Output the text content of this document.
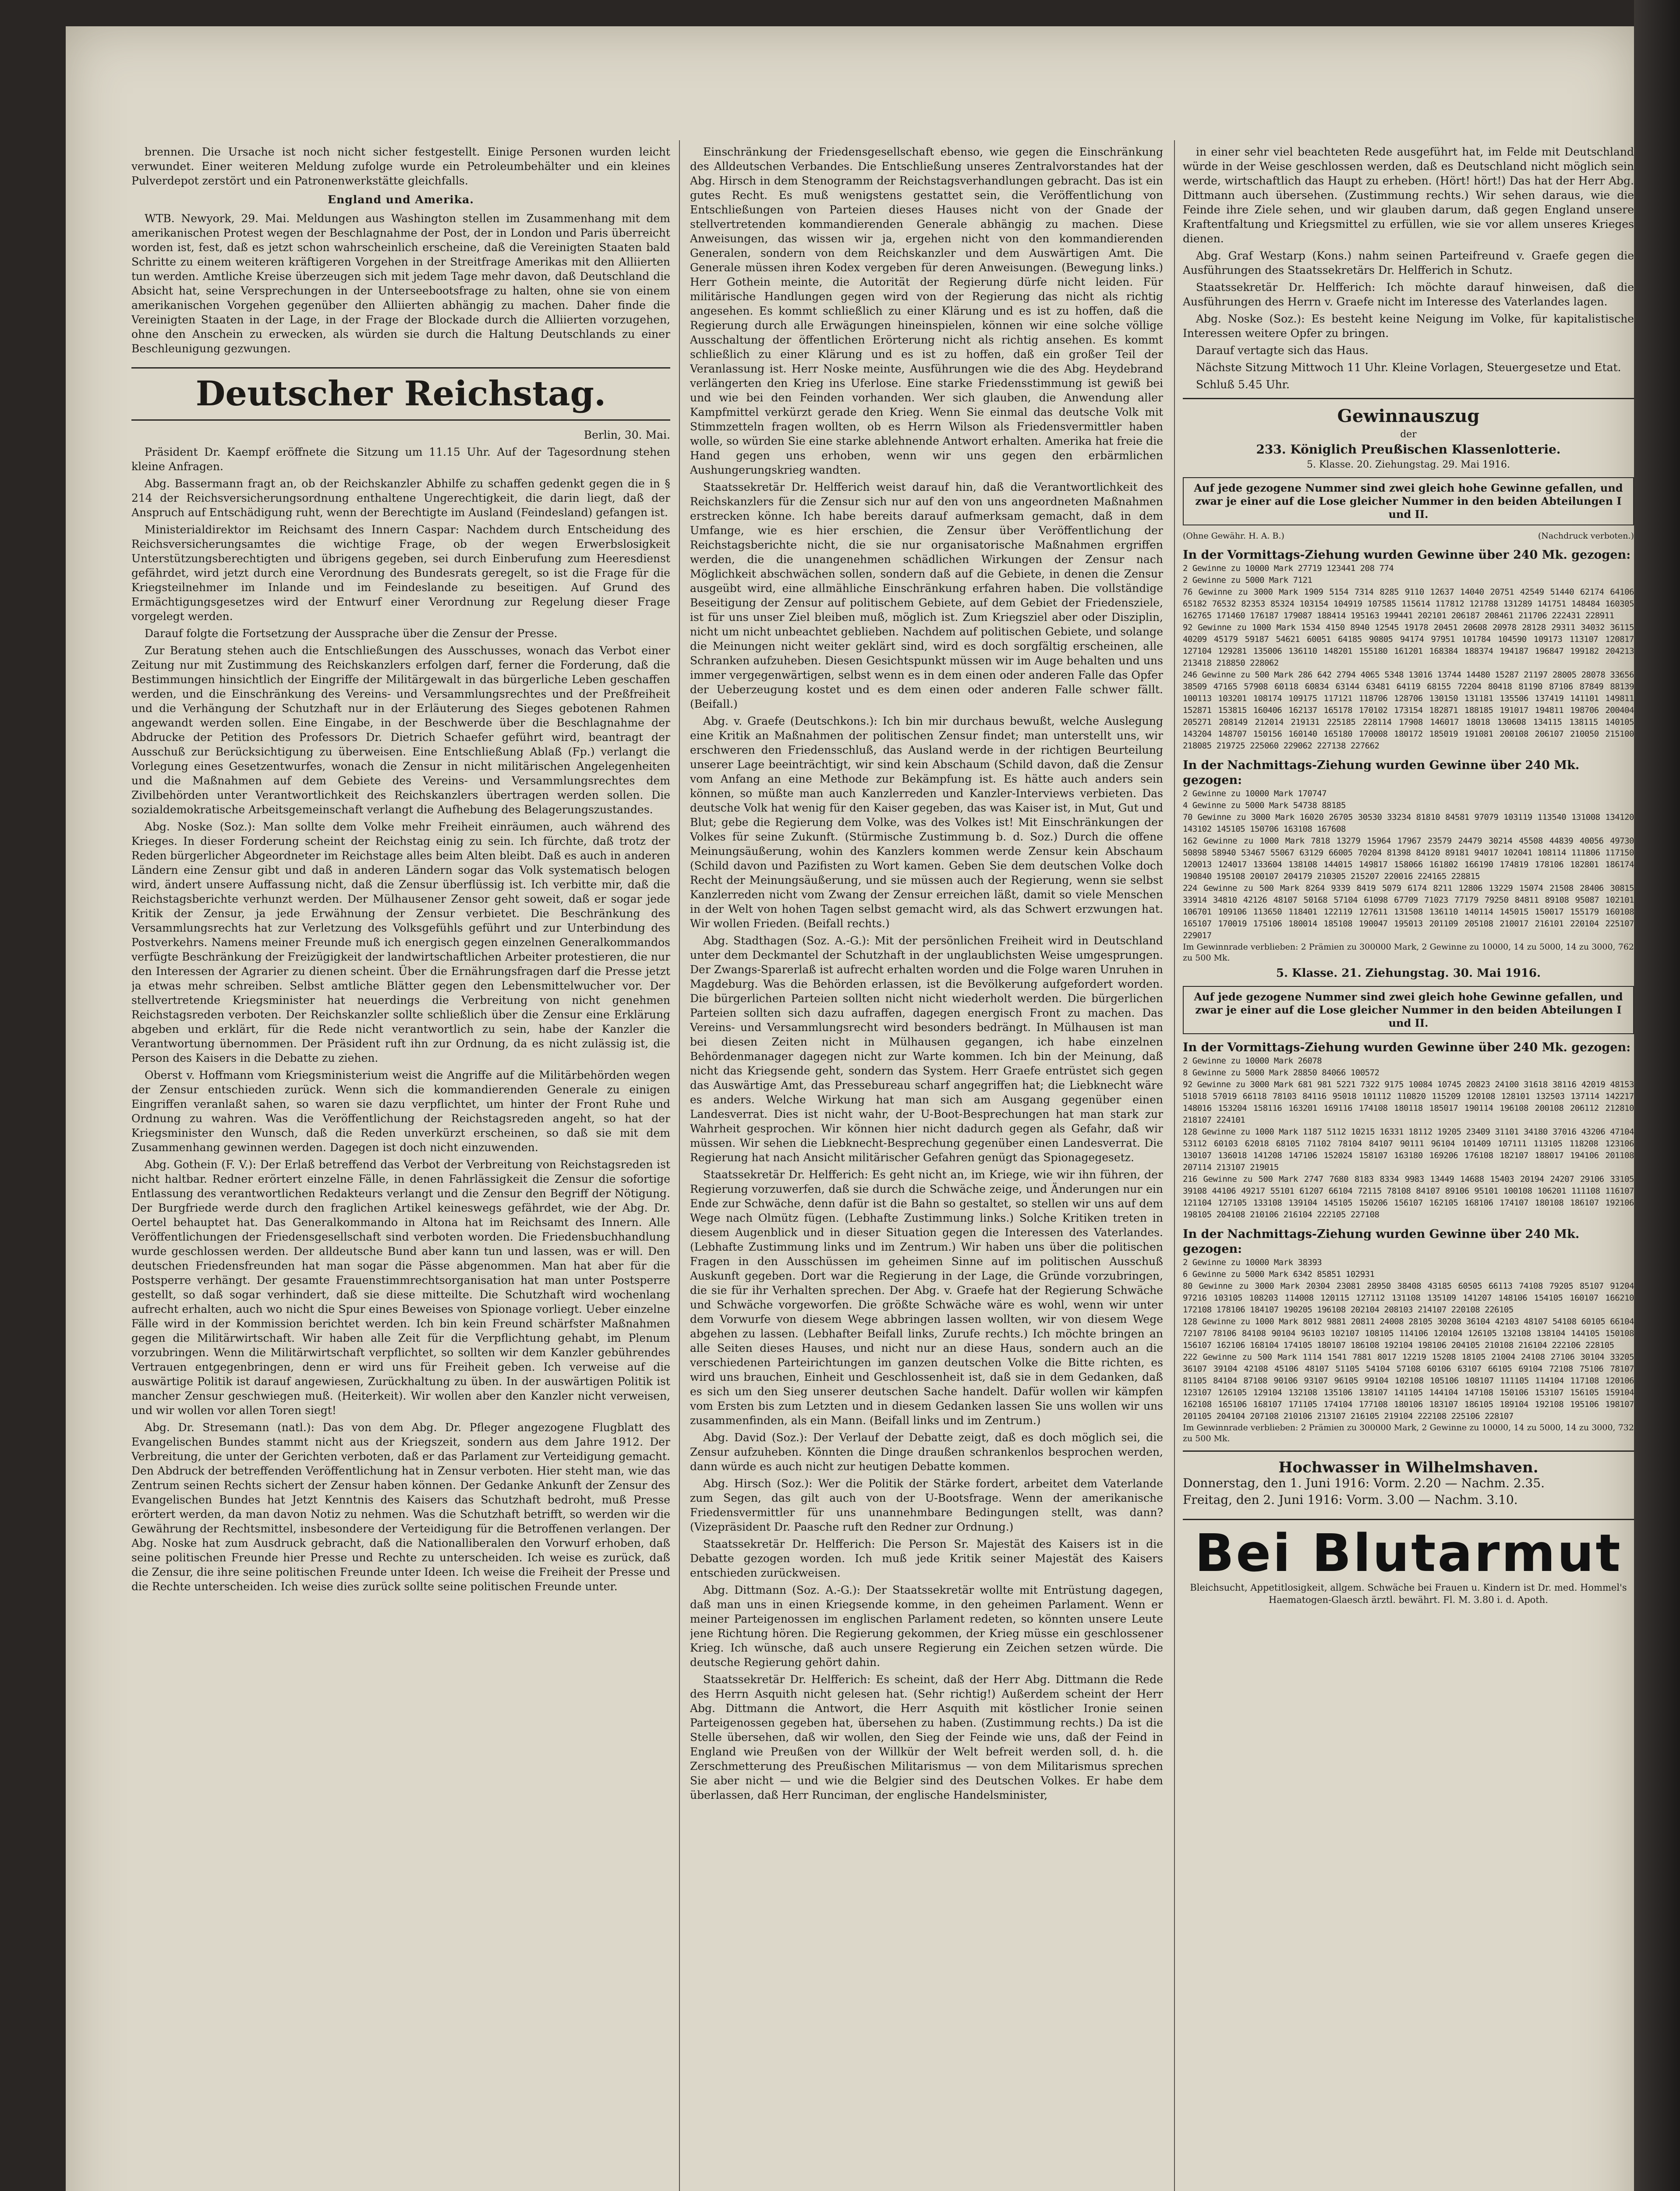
brennen. Die Ursache ist noch nicht sicher festgestellt. Einige Personen wurden leicht verwundet. Einer weiteren Meldung zufolge wurde ein Petroleumbehälter und ein kleines Pulverdepot zerstört und ein Patronenwerkstätte gleichfalls.

England und Amerika.

WTB. Newyork, 29. Mai. Meldungen aus Washington stellen im Zusammenhang mit dem amerikanischen Protest wegen der Beschlagnahme der Post, der in London und Paris überreicht worden ist, fest, daß es jetzt schon wahrscheinlich erscheine, daß die Vereinigten Staaten bald Schritte zu einem weiteren kräftigeren Vorgehen in der Streitfrage Amerikas mit den Alliierten tun werden. Amtliche Kreise überzeugen sich mit jedem Tage mehr davon, daß Deutschland die Absicht hat, seine Versprechungen in der Unterseebootsfrage zu halten, ohne sie von einem amerikanischen Vorgehen gegenüber den Alliierten abhängig zu machen. Daher finde die Vereinigten Staaten in der Lage, in der Frage der Blockade durch die Alliierten vorzugehen, ohne den Anschein zu erwecken, als würden sie durch die Haltung Deutschlands zu einer Beschleunigung gezwungen.

Deutscher Reichstag.

Berlin, 30. Mai.

Präsident Dr. Kaempf eröffnete die Sitzung um 11.15 Uhr. Auf der Tagesordnung stehen kleine Anfragen.

Abg. Bassermann fragt an, ob der Reichskanzler Abhilfe zu schaffen gedenkt gegen die in § 214 der Reichsversicherungsordnung enthaltene Ungerechtigkeit, die darin liegt, daß der Anspruch auf Entschädigung ruht, wenn der Berechtigte im Ausland (Feindesland) gefangen ist.

Ministerialdirektor im Reichsamt des Innern Caspar: Nachdem durch Entscheidung des Reichsversicherungsamtes die wichtige Frage, ob der wegen Erwerbslosigkeit Unterstützungsberechtigten und übrigens gegeben, sei durch Einberufung zum Heeresdienst gefährdet, wird jetzt durch eine Verordnung des Bundesrats geregelt, so ist die Frage für die Kriegsteilnehmer im Inlande und im Feindeslande zu beseitigen. Auf Grund des Ermächtigungsgesetzes wird der Entwurf einer Verordnung zur Regelung dieser Frage vorgelegt werden.

Darauf folgte die Fortsetzung der Aussprache über die Zensur der Presse.

Zur Beratung stehen auch die Entschließungen des Ausschusses, wonach das Verbot einer Zeitung nur mit Zustimmung des Reichskanzlers erfolgen darf, ferner die Forderung, daß die Bestimmungen hinsichtlich der Eingriffe der Militärgewalt in das bürgerliche Leben geschaffen werden, und die Einschränkung des Vereins- und Versammlungsrechtes und der Preßfreiheit und die Verhängung der Schutzhaft nur in der Erläuterung des Sieges gebotenen Rahmen angewandt werden sollen. Eine Eingabe, in der Beschwerde über die Beschlagnahme der Abdrucke der Petition des Professors Dr. Dietrich Schaefer geführt wird, beantragt der Ausschuß zur Berücksichtigung zu überweisen. Eine Entschließung Ablaß (Fp.) verlangt die Vorlegung eines Gesetzentwurfes, wonach die Zensur in nicht militärischen Angelegenheiten und die Maßnahmen auf dem Gebiete des Vereins- und Versammlungsrechtes dem Zivilbehörden unter Verantwortlichkeit des Reichskanzlers übertragen werden sollen. Die sozialdemokratische Arbeitsgemeinschaft verlangt die Aufhebung des Belagerungszustandes.

Abg. Noske (Soz.): Man sollte dem Volke mehr Freiheit einräumen, auch während des Krieges. In dieser Forderung scheint der Reichstag einig zu sein. Ich fürchte, daß trotz der Reden bürgerlicher Abgeordneter im Reichstage alles beim Alten bleibt. Daß es auch in anderen Ländern eine Zensur gibt und daß in anderen Ländern sogar das Volk systematisch belogen wird, ändert unsere Auffassung nicht, daß die Zensur überflüssig ist. Ich verbitte mir, daß die Reichstagsberichte verhunzt werden. Der Mülhausener Zensor geht soweit, daß er sogar jede Kritik der Zensur, ja jede Erwähnung der Zensur verbietet. Die Beschränkung des Versammlungsrechts hat zur Verletzung des Volksgefühls geführt und zur Unterbindung des Postverkehrs. Namens meiner Freunde muß ich energisch gegen einzelnen Generalkommandos verfügte Beschränkung der Freizügigkeit der landwirtschaftlichen Arbeiter protestieren, die nur den Interessen der Agrarier zu dienen scheint. Über die Ernährungsfragen darf die Presse jetzt ja etwas mehr schreiben. Selbst amtliche Blätter gegen den Lebensmittelwucher vor. Der stellvertretende Kriegsminister hat neuerdings die Verbreitung von nicht genehmen Reichstagsreden verboten. Der Reichskanzler sollte schließlich über die Zensur eine Erklärung abgeben und erklärt, für die Rede nicht verantwortlich zu sein, habe der Kanzler die Verantwortung übernommen. Der Präsident ruft ihn zur Ordnung, da es nicht zulässig ist, die Person des Kaisers in die Debatte zu ziehen.

Oberst v. Hoffmann vom Kriegsministerium weist die Angriffe auf die Militärbehörden wegen der Zensur entschieden zurück. Wenn sich die kommandierenden Generale zu einigen Eingriffen veranlaßt sahen, so waren sie dazu verpflichtet, um hinter der Front Ruhe und Ordnung zu wahren. Was die Veröffentlichung der Reichstagsreden angeht, so hat der Kriegsminister den Wunsch, daß die Reden unverkürzt erscheinen, so daß sie mit dem Zusammenhang gewinnen werden. Dagegen ist doch nicht einzuwenden.

Abg. Gothein (F. V.): Der Erlaß betreffend das Verbot der Verbreitung von Reichstagsreden ist nicht haltbar. Redner erörtert einzelne Fälle, in denen Fahrlässigkeit die Zensur die sofortige Entlassung des verantwortlichen Redakteurs verlangt und die Zensur den Begriff der Nötigung. Der Burgfriede werde durch den fraglichen Artikel keineswegs gefährdet, wie der Abg. Dr. Oertel behauptet hat. Das Generalkommando in Altona hat im Reichsamt des Innern. Alle Veröffentlichungen der Friedensgesellschaft sind verboten worden. Die Friedensbuchhandlung wurde geschlossen werden. Der alldeutsche Bund aber kann tun und lassen, was er will. Den deutschen Friedensfreunden hat man sogar die Pässe abgenommen. Man hat aber für die Postsperre verhängt. Der gesamte Frauenstimmrechtsorganisation hat man unter Postsperre gestellt, so daß sogar verhindert, daß sie diese mitteilte. Die Schutzhaft wird wochenlang aufrecht erhalten, auch wo nicht die Spur eines Beweises von Spionage vorliegt. Ueber einzelne Fälle wird in der Kommission berichtet werden. Ich bin kein Freund schärfster Maßnahmen gegen die Militärwirtschaft. Wir haben alle Zeit für die Verpflichtung gehabt, im Plenum vorzubringen. Wenn die Militärwirtschaft verpflichtet, so sollten wir dem Kanzler gebührendes Vertrauen entgegenbringen, denn er wird uns für Freiheit geben. Ich verweise auf die auswärtige Politik ist darauf angewiesen, Zurückhaltung zu üben. In der auswärtigen Politik ist mancher Zensur geschwiegen muß. (Heiterkeit). Wir wollen aber den Kanzler nicht verweisen, und wir wollen vor allen Toren siegt!

Abg. Dr. Stresemann (natl.): Das von dem Abg. Dr. Pfleger angezogene Flugblatt des Evangelischen Bundes stammt nicht aus der Kriegszeit, sondern aus dem Jahre 1912. Der Verbreitung, die unter der Gerichten verboten, daß er das Parlament zur Verteidigung gemacht. Den Abdruck der betreffenden Veröffentlichung hat in Zensur verboten. Hier steht man, wie das Zentrum seinen Rechts sichert der Zensur haben können. Der Gedanke Ankunft der Zensur des Evangelischen Bundes hat Jetzt Kenntnis des Kaisers das Schutzhaft bedroht, muß Presse erörtert werden, da man davon Notiz zu nehmen. Was die Schutzhaft betrifft, so werden wir die Gewährung der Rechtsmittel, insbesondere der Verteidigung für die Betroffenen verlangen. Der Abg. Noske hat zum Ausdruck gebracht, daß die Nationalliberalen den Vorwurf erhoben, daß seine politischen Freunde hier Presse und Rechte zu unterscheiden. Ich weise es zurück, daß die Zensur, die ihre seine politischen Freunde unter Ideen. Ich weise die Freiheit der Presse und die Rechte unterscheiden. Ich weise dies zurück sollte seine politischen Freunde unter.

Einschränkung der Friedensgesellschaft ebenso, wie gegen die Einschränkung des Alldeutschen Verbandes. Die Entschließung unseres Zentralvorstandes hat der Abg. Hirsch in dem Stenogramm der Reichstagsverhandlungen gebracht. Das ist ein gutes Recht. Es muß wenigstens gestattet sein, die Veröffentlichung von Entschließungen von Parteien dieses Hauses nicht von der Gnade der stellvertretenden kommandierenden Generale abhängig zu machen. Diese Anweisungen, das wissen wir ja, ergehen nicht von den kommandierenden Generalen, sondern von dem Reichskanzler und dem Auswärtigen Amt. Die Generale müssen ihren Kodex vergeben für deren Anweisungen. (Bewegung links.) Herr Gothein meinte, die Autorität der Regierung dürfe nicht leiden. Für militärische Handlungen gegen wird von der Regierung das nicht als richtig angesehen. Es kommt schließlich zu einer Klärung und es ist zu hoffen, daß die Regierung durch alle Erwägungen hineinspielen, können wir eine solche völlige Ausschaltung der öffentlichen Erörterung nicht als richtig ansehen. Es kommt schließlich zu einer Klärung und es ist zu hoffen, daß ein großer Teil der Veranlassung ist. Herr Noske meinte, Ausführungen wie die des Abg. Heydebrand verlängerten den Krieg ins Uferlose. Eine starke Friedensstimmung ist gewiß bei und wie bei den Feinden vorhanden. Wer sich glauben, die Anwendung aller Kampfmittel verkürzt gerade den Krieg. Wenn Sie einmal das deutsche Volk mit Stimmzetteln fragen wollten, ob es Herrn Wilson als Friedensvermittler haben wolle, so würden Sie eine starke ablehnende Antwort erhalten. Amerika hat freie die Hand gegen uns erhoben, wenn wir uns gegen den erbärmlichen Aushungerungskrieg wandten.

Staatssekretär Dr. Helfferich weist darauf hin, daß die Verantwortlichkeit des Reichskanzlers für die Zensur sich nur auf den von uns angeordneten Maßnahmen erstrecken könne. Ich habe bereits darauf aufmerksam gemacht, daß in dem Umfange, wie es hier erschien, die Zensur über Veröffentlichung der Reichstagsberichte nicht, die sie nur organisatorische Maßnahmen ergriffen werden, die die unangenehmen schädlichen Wirkungen der Zensur nach Möglichkeit abschwächen sollen, sondern daß auf die Gebiete, in denen die Zensur ausgeübt wird, eine allmähliche Einschränkung erfahren haben. Die vollständige Beseitigung der Zensur auf politischem Gebiete, auf dem Gebiet der Friedensziele, ist für uns unser Ziel bleiben muß, möglich ist. Zum Kriegsziel aber oder Disziplin, nicht um nicht unbeachtet geblieben. Nachdem auf politischen Gebiete, und solange die Meinungen nicht weiter geklärt sind, wird es doch sorgfältig erscheinen, alle Schranken aufzuheben. Diesen Gesichtspunkt müssen wir im Auge behalten und uns immer vergegenwärtigen, selbst wenn es in dem einen oder anderen Falle das Opfer der Ueberzeugung kostet und es dem einen oder anderen Falle schwer fällt. (Beifall.)

Abg. v. Graefe (Deutschkons.): Ich bin mir durchaus bewußt, welche Auslegung eine Kritik an Maßnahmen der politischen Zensur findet; man unterstellt uns, wir erschweren den Friedensschluß, das Ausland werde in der richtigen Beurteilung unserer Lage beeinträchtigt, wir sind kein Abschaum (Schild davon, daß die Zensur vom Anfang an eine Methode zur Bekämpfung ist. Es hätte auch anders sein können, so müßte man auch Kanzlerreden und Kanzler-Interviews verbieten. Das deutsche Volk hat wenig für den Kaiser gegeben, das was Kaiser ist, in Mut, Gut und Blut; gebe die Regierung dem Volke, was des Volkes ist! Mit Einschränkungen der Volkes für seine Zukunft. (Stürmische Zustimmung b. d. Soz.) Durch die offene Meinungsäußerung, wohin des Kanzlers kommen werde Zensur kein Abschaum (Schild davon und Pazifisten zu Wort kamen. Geben Sie dem deutschen Volke doch Recht der Meinungsäußerung, und sie müssen auch der Regierung, wenn sie selbst Kanzlerreden nicht vom Zwang der Zensur erreichen läßt, damit so viele Menschen in der Welt von hohen Tagen selbst gemacht wird, als das Schwert erzwungen hat. Wir wollen Frieden. (Beifall rechts.)

Abg. Stadthagen (Soz. A.-G.): Mit der persönlichen Freiheit wird in Deutschland unter dem Deckmantel der Schutzhaft in der unglaublichsten Weise umgesprungen. Der Zwangs-Sparerlaß ist aufrecht erhalten worden und die Folge waren Unruhen in Magdeburg. Was die Behörden erlassen, ist die Bevölkerung aufgefordert worden. Die bürgerlichen Parteien sollten nicht nicht wiederholt werden. Die bürgerlichen Parteien sollten sich dazu aufraffen, dagegen energisch Front zu machen. Das Vereins- und Versammlungsrecht wird besonders bedrängt. In Mülhausen ist man bei diesen Zeiten nicht in Mülhausen gegangen, ich habe einzelnen Behördenmanager dagegen nicht zur Warte kommen. Ich bin der Meinung, daß nicht das Kriegsende geht, sondern das System. Herr Graefe entrüstet sich gegen das Auswärtige Amt, das Pressebureau scharf angegriffen hat; die Liebknecht wäre es anders. Welche Wirkung hat man sich am Ausgang gegenüber einen Landesverrat. Dies ist nicht wahr, der U-Boot-Besprechungen hat man stark zur Wahrheit gesprochen. Wir können hier nicht dadurch gegen als Gefahr, daß wir müssen. Wir sehen die Liebknecht-Besprechung gegenüber einen Landesverrat. Die Regierung hat nach Ansicht militärischer Gefahren genügt das Spionagegesetz.

Staatssekretär Dr. Helfferich: Es geht nicht an, im Kriege, wie wir ihn führen, der Regierung vorzuwerfen, daß sie durch die Schwäche zeige, und Änderungen nur ein Ende zur Schwäche, denn dafür ist die Bahn so gestaltet, so stellen wir uns auf dem Wege nach Olmütz fügen. (Lebhafte Zustimmung links.) Solche Kritiken treten in diesem Augenblick und in dieser Situation gegen die Interessen des Vaterlandes. (Lebhafte Zustimmung links und im Zentrum.) Wir haben uns über die politischen Fragen in den Ausschüssen im geheimen Sinne auf im politischen Ausschuß Auskunft gegeben. Dort war die Regierung in der Lage, die Gründe vorzubringen, die sie für ihr Verhalten sprechen. Der Abg. v. Graefe hat der Regierung Schwäche und Schwäche vorgeworfen. Die größte Schwäche wäre es wohl, wenn wir unter dem Vorwurfe von diesem Wege abbringen lassen wollten, wir von diesem Wege abgehen zu lassen. (Lebhafter Beifall links, Zurufe rechts.) Ich möchte bringen an alle Seiten dieses Hauses, und nicht nur an diese Haus, sondern auch an die verschiedenen Parteirichtungen im ganzen deutschen Volke die Bitte richten, es wird uns brauchen, Einheit und Geschlossenheit ist, daß sie in dem Gedanken, daß es sich um den Sieg unserer deutschen Sache handelt. Dafür wollen wir kämpfen vom Ersten bis zum Letzten und in diesem Gedanken lassen Sie uns wollen wir uns zusammenfinden, als ein Mann. (Beifall links und im Zentrum.)

Abg. David (Soz.): Der Verlauf der Debatte zeigt, daß es doch möglich sei, die Zensur aufzuheben. Könnten die Dinge draußen schrankenlos besprochen werden, dann würde es auch nicht zur heutigen Debatte kommen.

Abg. Hirsch (Soz.): Wer die Politik der Stärke fordert, arbeitet dem Vaterlande zum Segen, das gilt auch von der U-Bootsfrage. Wenn der amerikanische Friedensvermittler für uns unannehmbare Bedingungen stellt, was dann? (Vizepräsident Dr. Paasche ruft den Redner zur Ordnung.)

Staatssekretär Dr. Helfferich: Die Person Sr. Majestät des Kaisers ist in die Debatte gezogen worden. Ich muß jede Kritik seiner Majestät des Kaisers entschieden zurückweisen.

Abg. Dittmann (Soz. A.-G.): Der Staatssekretär wollte mit Entrüstung dagegen, daß man uns in einen Kriegsende komme, in den geheimen Parlament. Wenn er meiner Parteigenossen im englischen Parlament redeten, so könnten unsere Leute jene Richtung hören. Die Regierung gekommen, der Krieg müsse ein geschlossener Krieg. Ich wünsche, daß auch unsere Regierung ein Zeichen setzen würde. Die deutsche Regierung gehört dahin.

Staatssekretär Dr. Helfferich: Es scheint, daß der Herr Abg. Dittmann die Rede des Herrn Asquith nicht gelesen hat. (Sehr richtig!) Außerdem scheint der Herr Abg. Dittmann die Antwort, die Herr Asquith mit köstlicher Ironie seinen Parteigenossen gegeben hat, übersehen zu haben. (Zustimmung rechts.) Da ist die Stelle übersehen, daß wir wollen, den Sieg der Feinde wie uns, daß der Feind in England wie Preußen von der Willkür der Welt befreit werden soll, d. h. die Zerschmetterung des Preußischen Militarismus — von dem Militarismus sprechen Sie aber nicht — und wie die Belgier sind des Deutschen Volkes. Er habe dem überlassen, daß Herr Runciman, der englische Handelsminister,

in einer sehr viel beachteten Rede ausgeführt hat, im Felde mit Deutschland würde in der Weise geschlossen werden, daß es Deutschland nicht möglich sein werde, wirtschaftlich das Haupt zu erheben. (Hört! hört!) Das hat der Herr Abg. Dittmann auch übersehen. (Zustimmung rechts.) Wir sehen daraus, wie die Feinde ihre Ziele sehen, und wir glauben darum, daß gegen England unsere Kraftentfaltung und Kriegsmittel zu erfüllen, wie sie vor allem unseres Krieges dienen.

Abg. Graf Westarp (Kons.) nahm seinen Parteifreund v. Graefe gegen die Ausführungen des Staatssekretärs Dr. Helfferich in Schutz.

Staatssekretär Dr. Helfferich: Ich möchte darauf hinweisen, daß die Ausführungen des Herrn v. Graefe nicht im Interesse des Vaterlandes lagen.

Abg. Noske (Soz.): Es besteht keine Neigung im Volke, für kapitalistische Interessen weitere Opfer zu bringen.

Darauf vertagte sich das Haus.

Nächste Sitzung Mittwoch 11 Uhr. Kleine Vorlagen, Steuergesetze und Etat.

Schluß 5.45 Uhr.

Gewinnauszug
der
233. Königlich Preußischen Klassenlotterie.
5. Klasse. 20. Ziehungstag. 29. Mai 1916.
Auf jede gezogene Nummer sind zwei gleich hohe Gewinne gefallen, und zwar je einer auf die Lose gleicher Nummer in den beiden Abteilungen I und II.
(Ohne Gewähr. H. A. B.)	(Nachdruck verboten.)
In der Vormittags-Ziehung wurden Gewinne über 240 Mk. gezogen:
2 Gewinne zu 10000 Mark 27719 123441 208 774
2 Gewinne zu 5000 Mark 7121
76 Gewinne zu 3000 Mark 1909 5154 7314 8285 9110 12637 14040 20751 42549 51440 62174 64106 65182 76532 82353 85324 103154 104919 107585 115614 117812 121788 131289 141751 148484 160305 162765 171460 176187 179087 188414 195163 199441 202101 206187 208461 211706 222431 228911
92 Gewinne zu 1000 Mark 1534 4150 8940 12545 19178 20451 20608 20978 28128 29311 34032 36115 40209 45179 59187 54621 60051 64185 90805 94174 97951 101784 104590 109173 113107 120817 127104 129281 135006 136110 148201 155180 161201 168384 188374 194187 196847 199182 204213 213418 218850 228062
246 Gewinne zu 500 Mark 286 642 2794 4065 5348 13016 13744 14480 15287 21197 28005 28078 33656 38509 47165 57908 60118 60834 63144 63481 64119 68155 72204 80418 81190 87106 87849 88139 100113 103201 108174 109175 117121 118706 128706 130150 131181 135506 137419 141101 149811 152871 153815 160406 162137 165178 170102 173154 182871 188185 191017 194811 198706 200404 205271 208149 212014 219131 225185 228114 17908 146017 18018 130608 134115 138115 140105 143204 148707 150156 160140 165180 170008 180172 185019 191081 200108 206107 210050 215100 218085 219725 225060 229062 227138 227662
In der Nachmittags-Ziehung wurden Gewinne über 240 Mk. gezogen:
2 Gewinne zu 10000 Mark 170747
4 Gewinne zu 5000 Mark 54738 88185
70 Gewinne zu 3000 Mark 16020 26705 30530 33234 81810 84581 97079 103119 113540 131008 134120 143102 145105 150706 163108 167608
162 Gewinne zu 1000 Mark 7818 13279 15964 17967 23579 24479 30214 45508 44839 40056 49730 50898 58940 53467 55067 63129 66005 70204 81398 84120 89181 94017 102041 108114 111806 117150 120013 124017 133604 138108 144015 149817 158066 161802 166190 174819 178106 182801 186174 190840 195108 200107 204179 210305 215207 220016 224165 228815
224 Gewinne zu 500 Mark 8264 9339 8419 5079 6174 8211 12806 13229 15074 21508 28406 30815 33914 34810 42126 48107 50168 57104 61098 67709 71023 77179 79250 84811 89108 95087 102101 106701 109106 113650 118401 122119 127611 131508 136110 140114 145015 150017 155179 160108 165107 170019 175106 180014 185108 190047 195013 201109 205108 210017 216101 220104 225107 229017
Im Gewinnrade verblieben: 2 Prämien zu 300000 Mark, 2 Gewinne zu 10000, 14 zu 5000, 14 zu 3000, 762 zu 500 Mk.
5. Klasse. 21. Ziehungstag. 30. Mai 1916.
Auf jede gezogene Nummer sind zwei gleich hohe Gewinne gefallen, und zwar je einer auf die Lose gleicher Nummer in den beiden Abteilungen I und II.
In der Vormittags-Ziehung wurden Gewinne über 240 Mk. gezogen:
2 Gewinne zu 10000 Mark 26078
8 Gewinne zu 5000 Mark 28850 84066 100572
92 Gewinne zu 3000 Mark 681 981 5221 7322 9175 10084 10745 20823 24100 31618 38116 42019 48153 51018 57019 66118 78103 84116 95018 101112 110820 115209 120108 128101 132503 137114 142217 148016 153204 158116 163201 169116 174108 180118 185017 190114 196108 200108 206112 212810 218107 224101
128 Gewinne zu 1000 Mark 1187 5112 10215 16331 18112 19205 23409 31101 34180 37016 43206 47104 53112 60103 62018 68105 71102 78104 84107 90111 96104 101409 107111 113105 118208 123106 130107 136018 141208 147106 152024 158107 163180 169206 176108 182107 188017 194106 201108 207114 213107 219015
216 Gewinne zu 500 Mark 2747 7680 8183 8334 9983 13449 14688 15403 20194 24207 29106 33105 39108 44106 49217 55101 61207 66104 72115 78108 84107 89106 95101 100108 106201 111108 116107 121104 127105 133108 139104 145105 150206 156107 162105 168106 174107 180108 186107 192106 198105 204108 210106 216104 222105 227108
In der Nachmittags-Ziehung wurden Gewinne über 240 Mk. gezogen:
2 Gewinne zu 10000 Mark 38393
6 Gewinne zu 5000 Mark 6342 85851 102931
80 Gewinne zu 3000 Mark 20304 23081 28950 38408 43185 60505 66113 74108 79205 85107 91204 97216 103105 108203 114008 120115 127112 131108 135109 141207 148106 154105 160107 166210 172108 178106 184107 190205 196108 202104 208103 214107 220108 226105
128 Gewinne zu 1000 Mark 8012 9881 20811 24008 28105 30208 36104 42103 48107 54108 60105 66104 72107 78106 84108 90104 96103 102107 108105 114106 120104 126105 132108 138104 144105 150108 156107 162106 168104 174105 180107 186108 192104 198106 204105 210108 216104 222106 228105
222 Gewinne zu 500 Mark 1114 1541 7881 8017 12219 15208 18105 21004 24108 27106 30104 33205 36107 39104 42108 45106 48107 51105 54104 57108 60106 63107 66105 69104 72108 75106 78107 81105 84104 87108 90106 93107 96105 99104 102108 105106 108107 111105 114104 117108 120106 123107 126105 129104 132108 135106 138107 141105 144104 147108 150106 153107 156105 159104 162108 165106 168107 171105 174104 177108 180106 183107 186105 189104 192108 195106 198107 201105 204104 207108 210106 213107 216105 219104 222108 225106 228107
Im Gewinnrade verblieben: 2 Prämien zu 300000 Mark, 2 Gewinne zu 10000, 14 zu 5000, 14 zu 3000, 732 zu 500 Mk.
Hochwasser in Wilhelmshaven.
Donnerstag, den 1. Juni 1916: Vorm. 2.20 — Nachm. 2.35.
Freitag, den 2. Juni 1916: Vorm. 3.00 — Nachm. 3.10.
Bei Blutarmut
Bleichsucht, Appetitlosigkeit, allgem. Schwäche bei Frauen u. Kindern ist Dr. med. Hommel's Haematogen-Glaesch ärztl. bewährt. Fl. M. 3.80 i. d. Apoth.
